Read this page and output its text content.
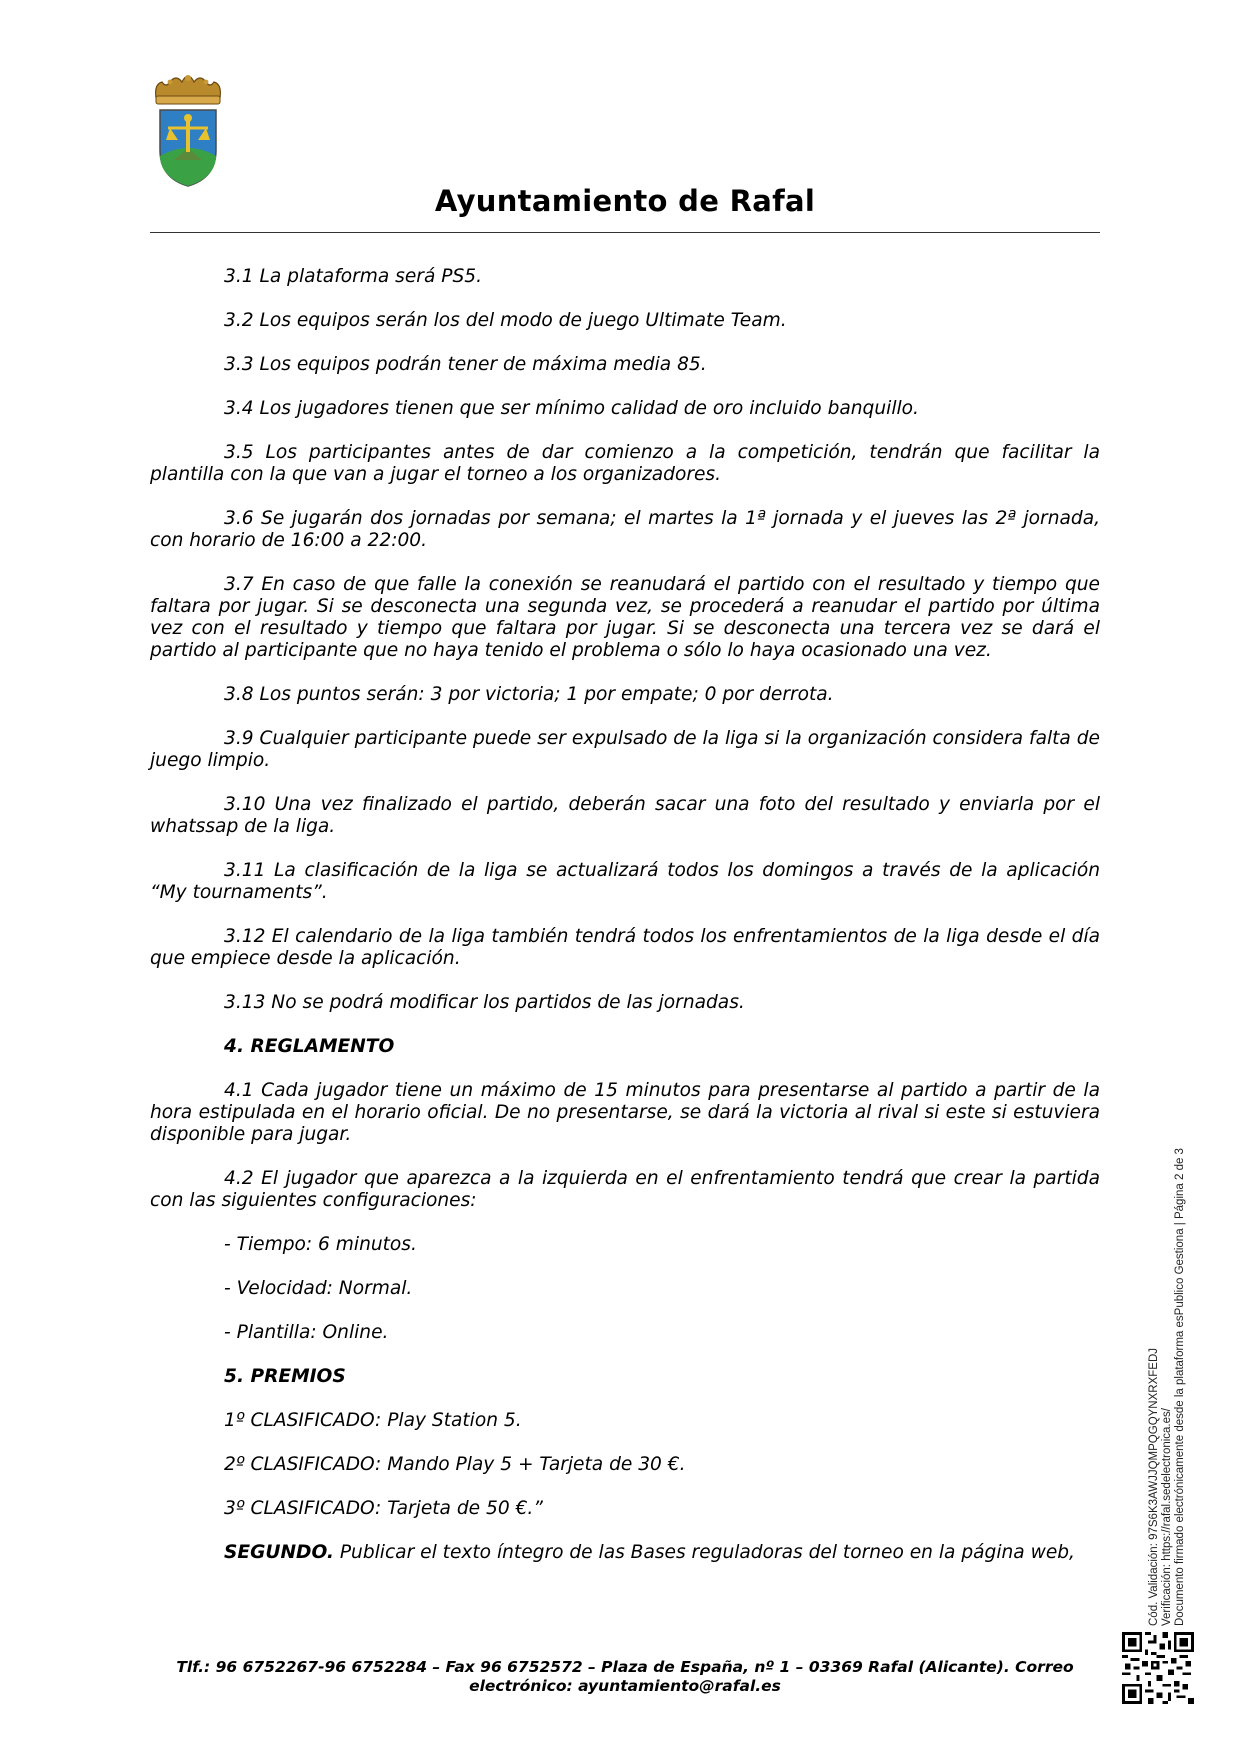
Ayuntamiento de Rafal

3.1 La plataforma será PS5.

3.2 Los equipos serán los del modo de juego Ultimate Team.

3.3 Los equipos podrán tener de máxima media 85.

3.4 Los jugadores tienen que ser mínimo calidad de oro incluido banquillo.

3.5 Los participantes antes de dar comienzo a la competición, tendrán que facilitar la plantilla con la que van a jugar el torneo a los organizadores.

3.6 Se jugarán dos jornadas por semana; el martes la 1ª jornada y el jueves las 2ª jornada, con horario de 16:00 a 22:00.

3.7 En caso de que falle la conexión se reanudará el partido con el resultado y tiempo que faltara por jugar. Si se desconecta una segunda vez, se procederá a reanudar el partido por última vez con el resultado y tiempo que faltara por jugar. Si se desconecta una tercera vez se dará el partido al participante que no haya tenido el problema o sólo lo haya ocasionado una vez.

3.8 Los puntos serán: 3 por victoria; 1 por empate; 0 por derrota.

3.9 Cualquier participante puede ser expulsado de la liga si la organización considera falta de juego limpio.

3.10 Una vez finalizado el partido, deberán sacar una foto del resultado y enviarla por el whatssap de la liga.

3.11 La clasificación de la liga se actualizará todos los domingos a través de la aplicación “My tournaments”.

3.12 El calendario de la liga también tendrá todos los enfrentamientos de la liga desde el día que empiece desde la aplicación.

3.13 No se podrá modificar los partidos de las jornadas.

4. REGLAMENTO

4.1 Cada jugador tiene un máximo de 15 minutos para presentarse al partido a partir de la hora estipulada en el horario oficial. De no presentarse, se dará la victoria al rival si este si estuviera disponible para jugar.

4.2 El jugador que aparezca a la izquierda en el enfrentamiento tendrá que crear la partida con las siguientes configuraciones:

- Tiempo: 6 minutos.

- Velocidad: Normal.

- Plantilla: Online.

5. PREMIOS

1º CLASIFICADO: Play Station 5.

2º CLASIFICADO: Mando Play 5 + Tarjeta de 30 €.

3º CLASIFICADO: Tarjeta de 50 €.”

SEGUNDO. Publicar el texto íntegro de las Bases reguladoras del torneo en la página web,

Tlf.: 96 6752267-96 6752284 – Fax 96 6752572 – Plaza de España, nº 1 – 03369 Rafal (Alicante). Correo
electrónico: ayuntamiento@rafal.es
Cód. Validación: 97S6K3AWJJQMPQGQYNXRXFEDJ Verificación: https://rafal.sedelectronica.es/ Documento firmado electrónicamente desde la plataforma esPublico Gestiona | Página 2 de 3
